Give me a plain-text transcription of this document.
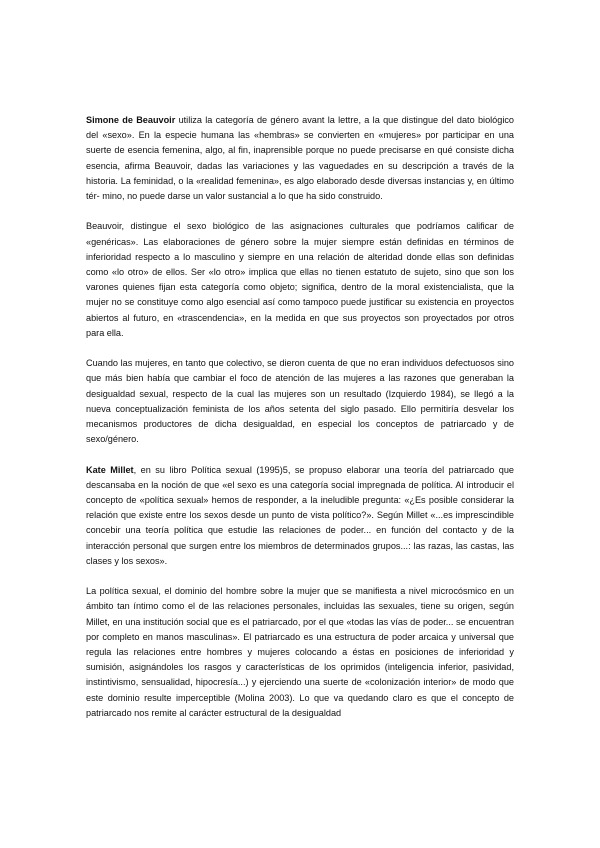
Simone de Beauvoir utiliza la categoría de género avant la lettre, a la que distingue del dato biológico del «sexo». En la especie humana las «hembras» se convierten en «mujeres» por participar en una suerte de esencia femenina, algo, al fin, inaprensible porque no puede precisarse en qué consiste dicha esencia, afirma Beauvoir, dadas las variaciones y las vaguedades en su descripción a través de la historia. La feminidad, o la «realidad femenina», es algo elaborado desde diversas instancias y, en último tér- mino, no puede darse un valor sustancial a lo que ha sido construido.

Beauvoir, distingue el sexo biológico de las asignaciones culturales que podríamos calificar de «genéricas». Las elaboraciones de género sobre la mujer siempre están definidas en términos de inferioridad respecto a lo masculino y siempre en una relación de alteridad donde ellas son definidas como «lo otro» de ellos. Ser «lo otro» implica que ellas no tienen estatuto de sujeto, sino que son los varones quienes fijan esta categoría como objeto; significa, dentro de la moral existencialista, que la mujer no se constituye como algo esencial así como tampoco puede justificar su existencia en proyectos abiertos al futuro, en «trascendencia», en la medida en que sus proyectos son proyectados por otros para ella.

Cuando las mujeres, en tanto que colectivo, se dieron cuenta de que no eran individuos defectuosos sino que más bien había que cambiar el foco de atención de las mujeres a las razones que generaban la desigualdad sexual, respecto de la cual las mujeres son un resultado (Izquierdo 1984), se llegó a la nueva conceptualización feminista de los años setenta del siglo pasado. Ello permitiría desvelar los mecanismos productores de dicha desigualdad, en especial los conceptos de patriarcado y de sexo/género.

Kate Millet, en su libro Política sexual (1995)5, se propuso elaborar una teoría del patriarcado que descansaba en la noción de que «el sexo es una categoría social impregnada de política. Al introducir el concepto de «política sexual» hemos de responder, a la ineludible pregunta: «¿Es posible considerar la relación que existe entre los sexos desde un punto de vista político?». Según Millet «...es imprescindible concebir una teoría política que estudie las relaciones de poder... en función del contacto y de la interacción personal que surgen entre los miembros de determinados grupos...: las razas, las castas, las clases y los sexos».

La política sexual, el dominio del hombre sobre la mujer que se manifiesta a nivel microcósmico en un ámbito tan íntimo como el de las relaciones personales, incluidas las sexuales, tiene su origen, según Millet, en una institución social que es el patriarcado, por el que «todas las vías de poder... se encuentran por completo en manos masculinas». El patriarcado es una estructura de poder arcaica y universal que regula las relaciones entre hombres y mujeres colocando a éstas en posiciones de inferioridad y sumisión, asignándoles los rasgos y características de los oprimidos (inteligencia inferior, pasividad, instintivismo, sensualidad, hipocresía...) y ejerciendo una suerte de «colonización interior» de modo que este dominio resulte imperceptible (Molina 2003). Lo que va quedando claro es que el concepto de patriarcado nos remite al carácter estructural de la desigualdad
